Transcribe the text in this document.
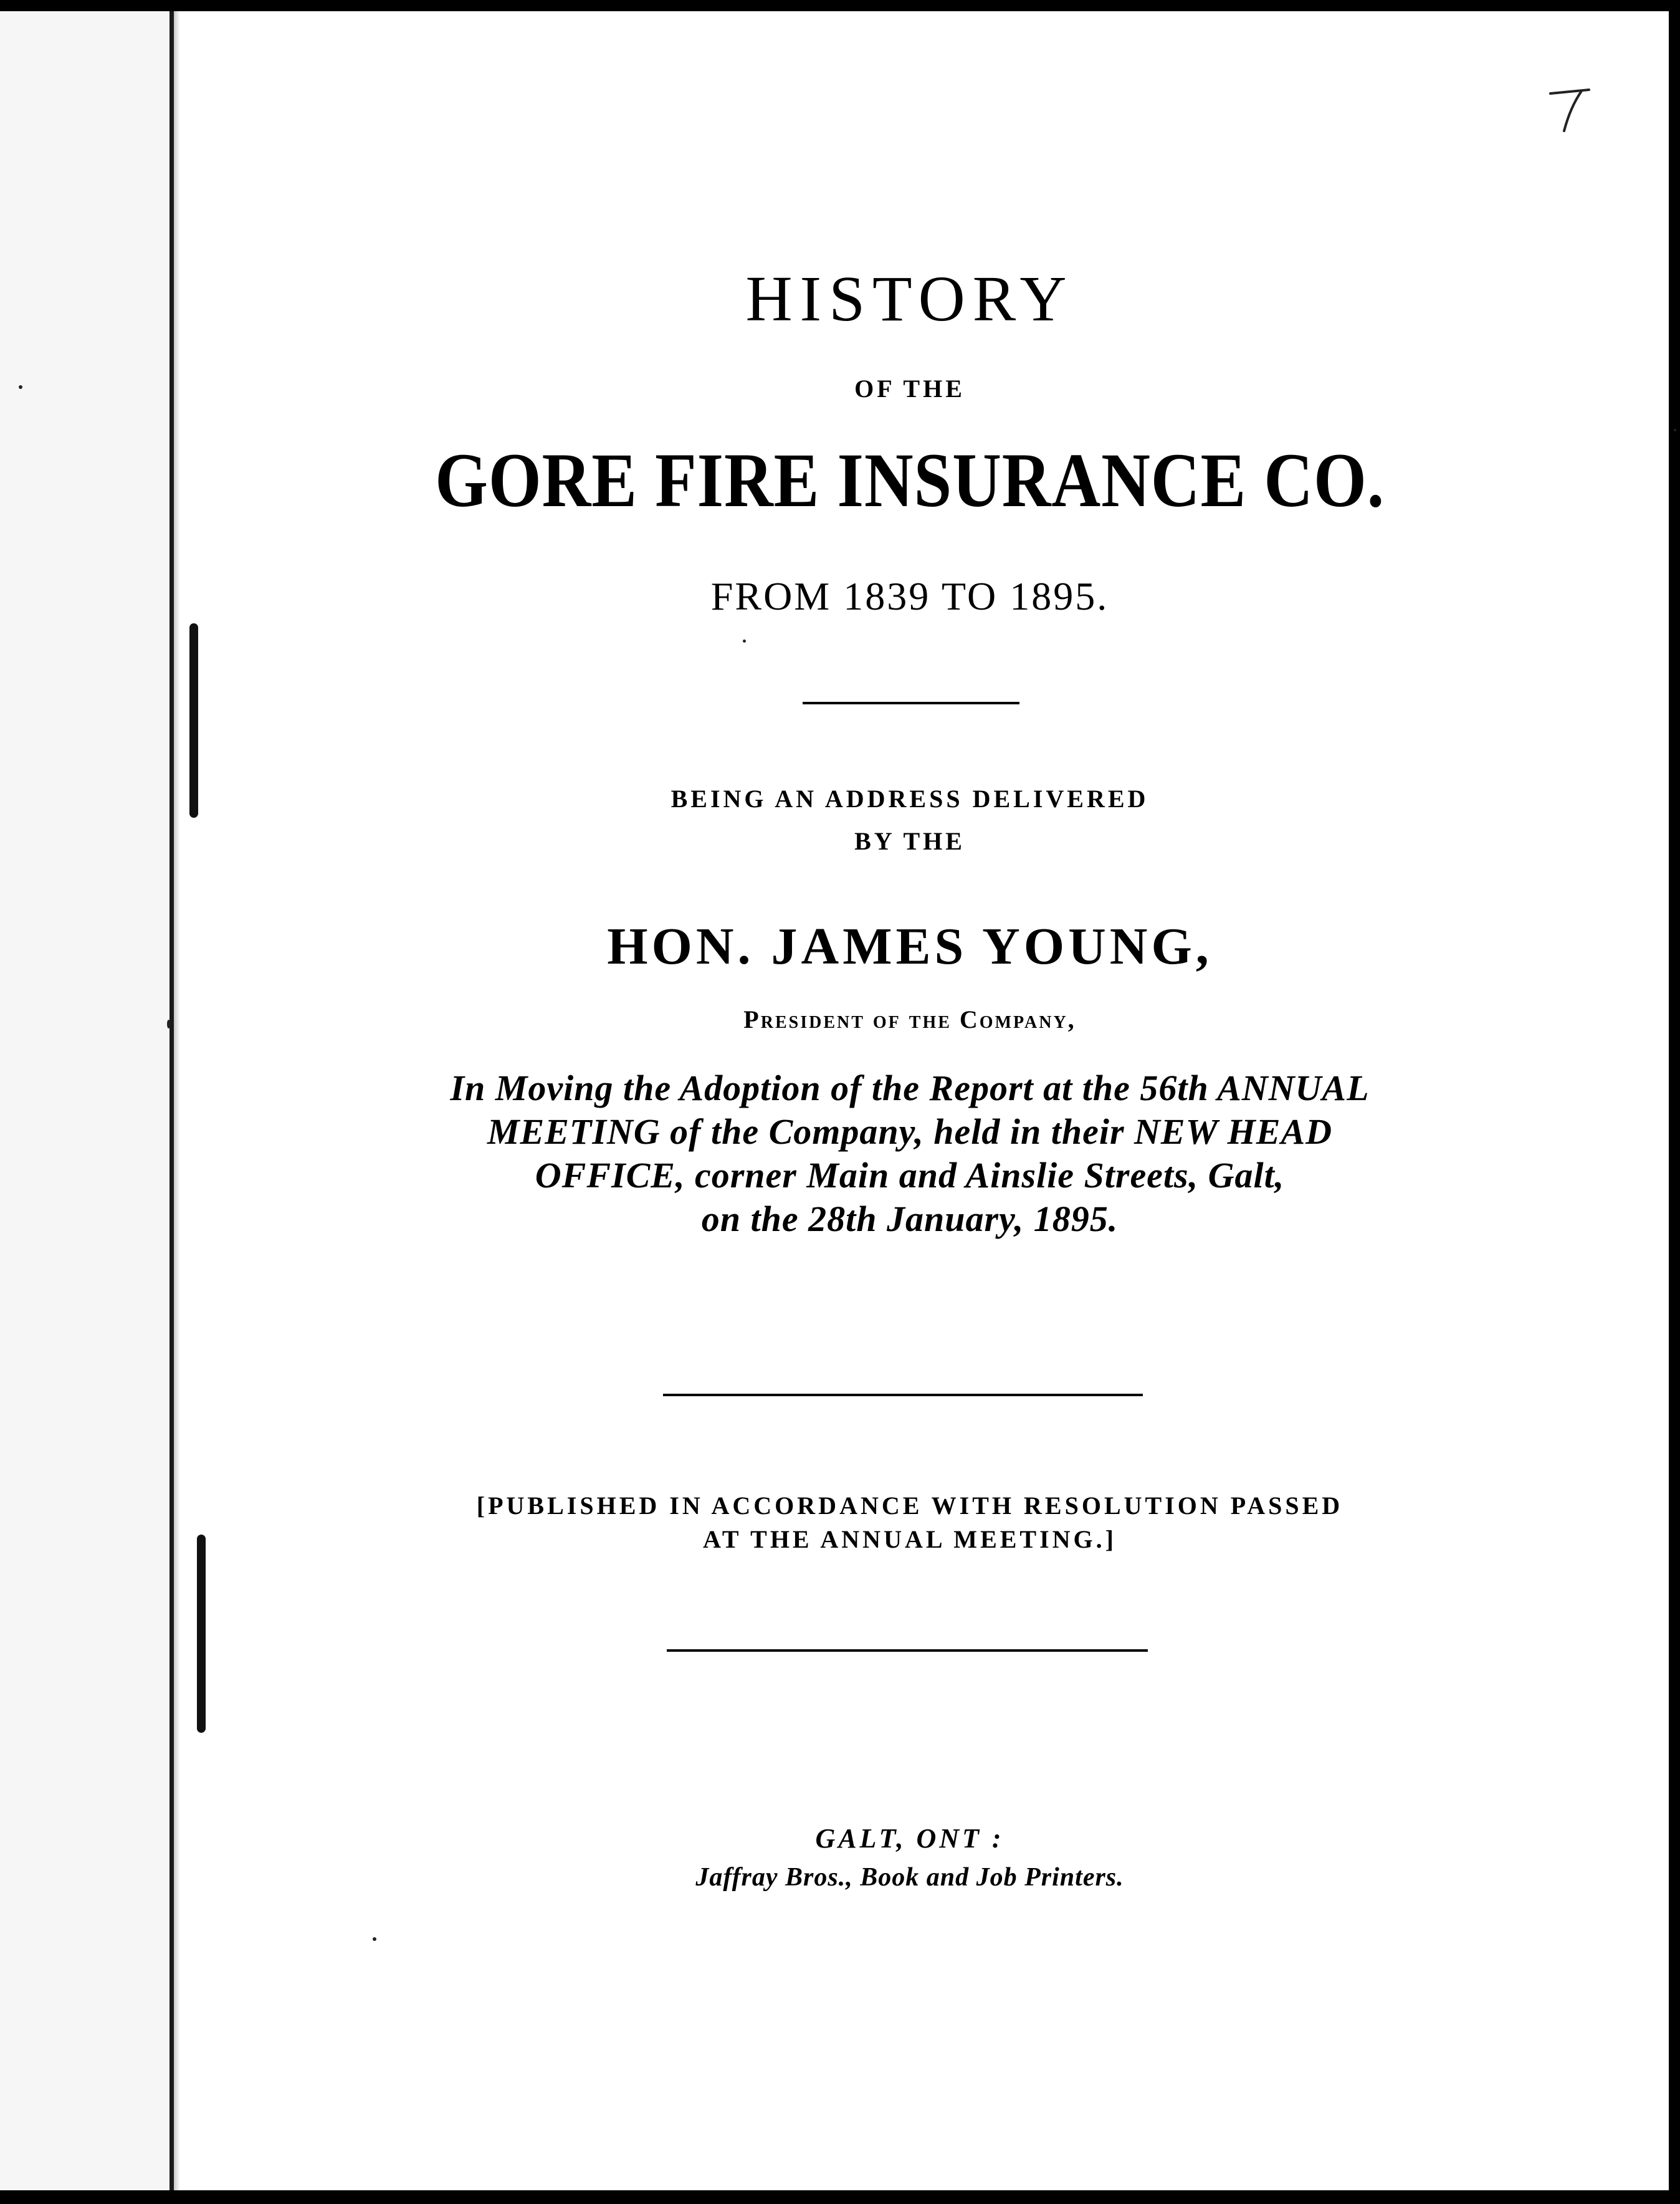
HISTORY
OF THE
GORE FIRE INSURANCE CO.
FROM 1839 TO 1895.
BEING AN ADDRESS DELIVERED
BY THE
HON. JAMES YOUNG,
President of the Company,
In Moving the Adoption of the Report at the 56th ANNUAL
MEETING of the Company, held in their NEW HEAD
OFFICE, corner Main and Ainslie Streets, Galt,
on the 28th January, 1895.
[PUBLISHED IN ACCORDANCE WITH RESOLUTION PASSED
AT THE ANNUAL MEETING.]
GALT, ONT :
Jaffray Bros., Book and Job Printers.
